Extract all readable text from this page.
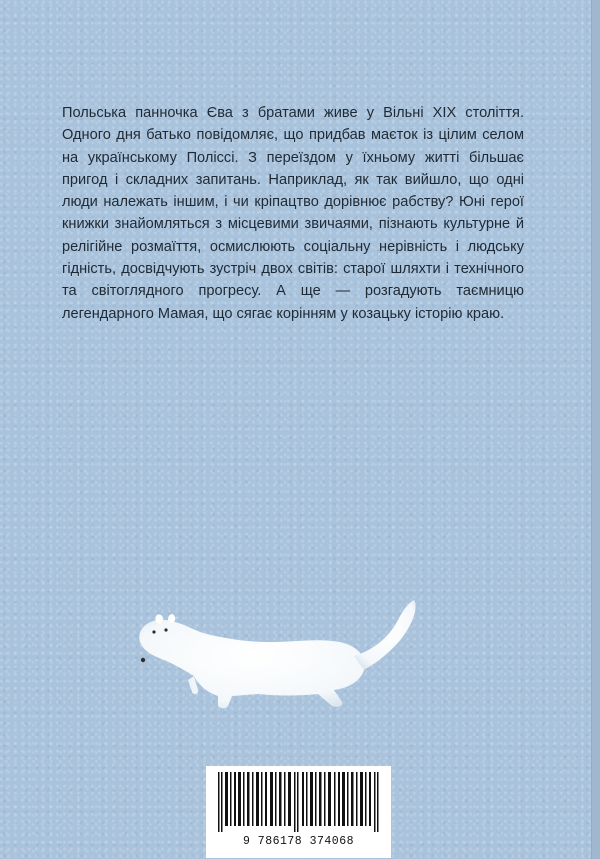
Польська панночка Єва з братами живе у Вільні XIX століття. Одного дня батько повідомляє, що придбав маєток із цілим селом на українському Поліссі. З переїздом у їхньому житті більшає пригод і складних запитань. Наприклад, як так вийшло, що одні люди належать іншим, і чи кріпацтво дорівнює рабству? Юні герої книжки знайомляться з місцевими звичаями, пізнають культурне й релігійне розмаїття, осмислюють соціальну нерівність і людську гідність, досвідчують зустріч двох світів: старої шляхти і технічного та світоглядного прогресу. А ще — розгадують таємницю легендарного Мамая, що сягає корінням у козацьку історію краю.

9 786178 374068
